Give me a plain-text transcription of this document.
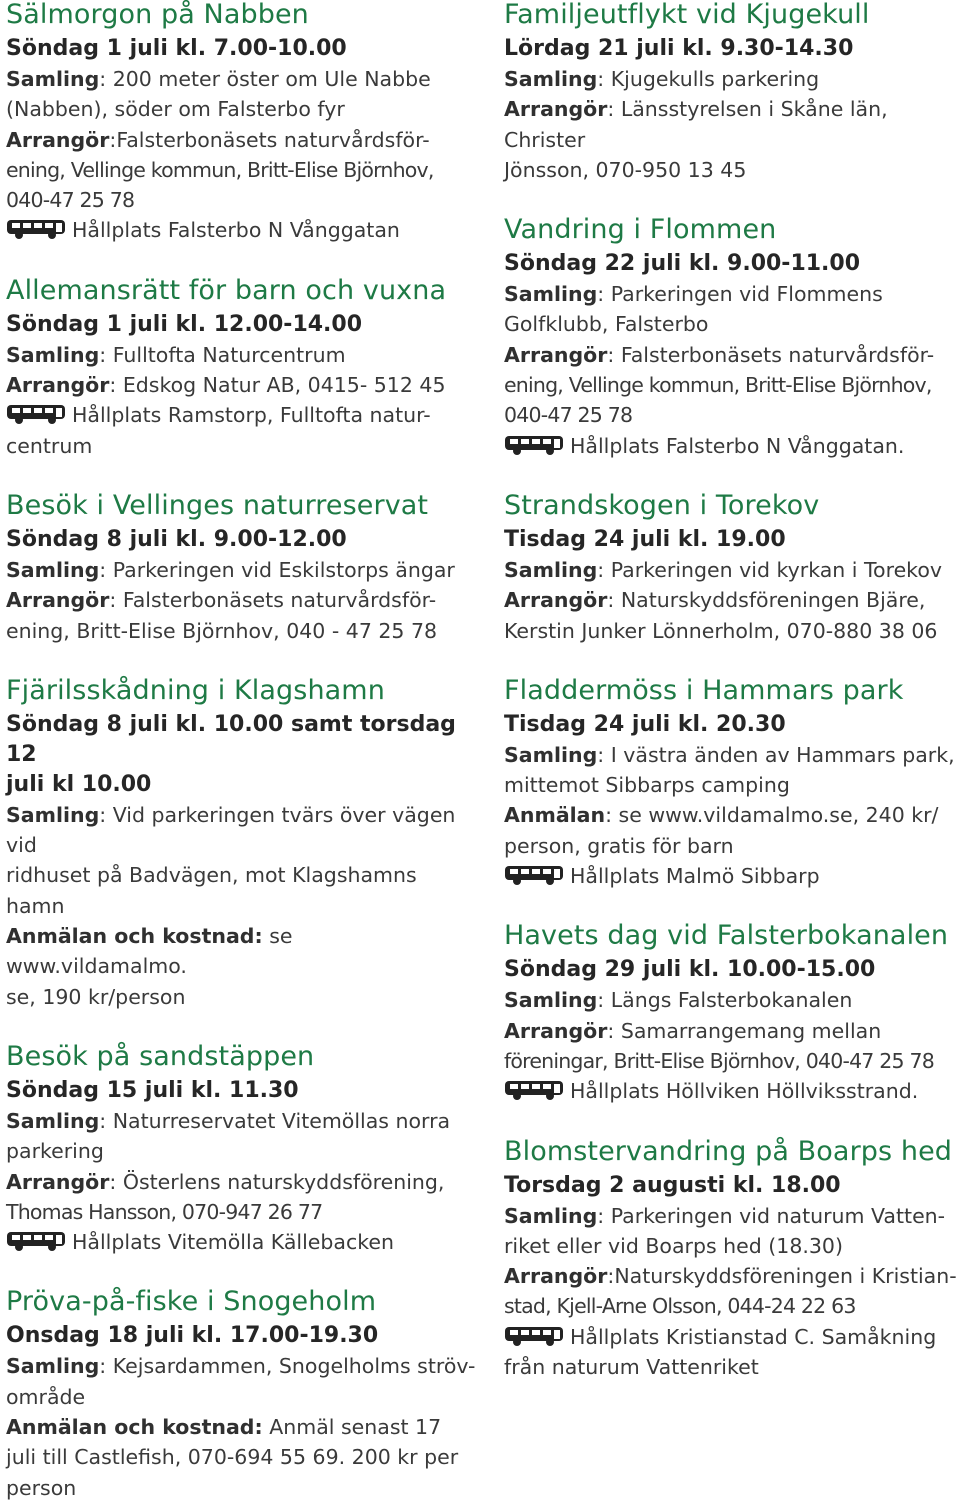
Sälmorgon på Nabben
Söndag 1 juli kl. 7.00-10.00
Samling: 200 meter öster om Ule Nabbe
(Nabben), söder om Falsterbo fyr
Arrangör:Falsterbonäsets naturvårdsför-
ening, Vellinge kommun, Britt-Elise Björnhov,
040-47 25 78
Hållplats Falsterbo N Vånggatan
Allemansrätt för barn och vuxna
Söndag 1 juli kl. 12.00-14.00
Samling: Fulltofta Naturcentrum
Arrangör: Edskog Natur AB, 0415- 512 45
Hållplats Ramstorp, Fulltofta natur-
centrum
Besök i Vellinges naturreservat
Söndag 8 juli kl. 9.00-12.00
Samling: Parkeringen vid Eskilstorps ängar
Arrangör: Falsterbonäsets naturvårdsför-
ening, Britt-Elise Björnhov, 040 - 47 25 78
Fjärilsskådning i Klagshamn
Söndag 8 juli kl. 10.00 samt torsdag 12
juli kl 10.00
Samling: Vid parkeringen tvärs över vägen vid
ridhuset på Badvägen, mot Klagshamns hamn
Anmälan och kostnad: se www.vildamalmo.
se, 190 kr/person
Besök på sandstäppen
Söndag 15 juli kl. 11.30
Samling: Naturreservatet Vitemöllas norra
parkering
Arrangör: Österlens naturskyddsförening,
Thomas Hansson, 070-947 26 77
Hållplats Vitemölla Källebacken
Pröva-på-fiske i Snogeholm
Onsdag 18 juli kl. 17.00-19.30
Samling: Kejsardammen, Snogelholms ströv-
område
Anmälan och kostnad: Anmäl senast 17
juli till Castlefish, 070-694 55 69. 200 kr per
person
Familjeutflykt vid Kjugekull
Lördag 21 juli kl. 9.30-14.30
Samling: Kjugekulls parkering
Arrangör: Länsstyrelsen i Skåne län, Christer
Jönsson, 070-950 13 45
Vandring i Flommen
Söndag 22 juli kl. 9.00-11.00
Samling: Parkeringen vid Flommens
Golfklubb, Falsterbo
Arrangör: Falsterbonäsets naturvårdsför-
ening, Vellinge kommun, Britt-Elise Björnhov,
040-47 25 78
Hållplats Falsterbo N Vånggatan.
Strandskogen i Torekov
Tisdag 24 juli kl. 19.00
Samling: Parkeringen vid kyrkan i Torekov
Arrangör: Naturskyddsföreningen Bjäre,
Kerstin Junker Lönnerholm, 070-880 38 06
Fladdermöss i Hammars park
Tisdag 24 juli kl. 20.30
Samling: I västra änden av Hammars park,
mittemot Sibbarps camping
Anmälan: se www.vildamalmo.se, 240 kr/
person, gratis för barn
Hållplats Malmö Sibbarp
Havets dag vid Falsterbokanalen
Söndag 29 juli kl. 10.00-15.00
Samling: Längs Falsterbokanalen
Arrangör: Samarrangemang mellan
föreningar, Britt-Elise Björnhov, 040-47 25 78
Hållplats Höllviken Höllviksstrand.
Blomstervandring på Boarps hed
Torsdag 2 augusti kl. 18.00
Samling: Parkeringen vid naturum Vatten-
riket eller vid Boarps hed (18.30)
Arrangör:Naturskyddsföreningen i Kristian-
stad, Kjell-Arne Olsson, 044-24 22 63
Hållplats Kristianstad C. Samåkning
från naturum Vattenriket
